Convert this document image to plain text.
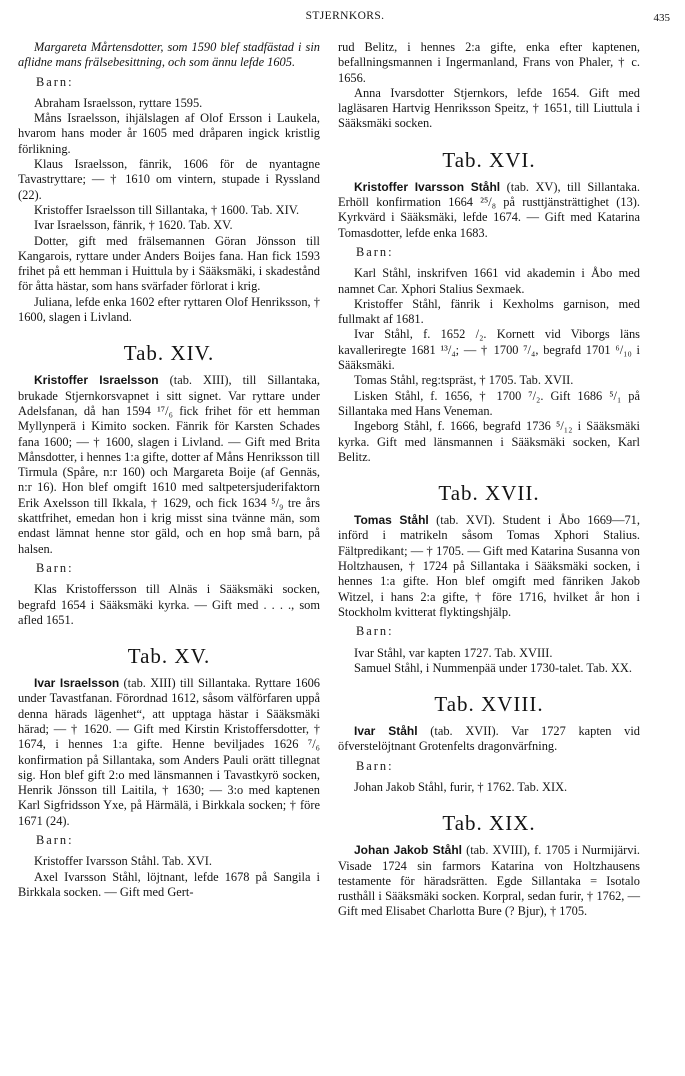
STJERNKORS.	435

Margareta Mårtensdotter, som 1590 blef stadfästad i sin aflidne mans frälsebesittning, och som ännu lefde 1605.

Barn:

Abraham Israelsson, ryttare 1595.

Måns Israelsson, ihjälslagen af Olof Ersson i Laukela, hvarom hans moder år 1605 med dråparen ingick kristlig förlikning.

Klaus Israelsson, fänrik, 1606 för de nyantagne Tavastryttare; — † 1610 om vintern, stupade i Ryssland (22).

Kristoffer Israelsson till Sillantaka, † 1600. Tab. XIV.

Ivar Israelsson, fänrik, † 1620. Tab. XV.

Dotter, gift med frälsemannen Göran Jönsson till Kangarois, ryttare under Anders Boijes fana. Han fick 1593 frihet på ett hemman i Huittula by i Sääksmäki, i skadestånd för åtta hästar, som hans svärfader förlorat i krig.

Juliana, lefde enka 1602 efter ryttaren Olof Henriksson, † 1600, slagen i Livland.

Tab. XIV.

Kristoffer Israelsson (tab. XIII), till Sillantaka, brukade Stjernkorsvapnet i sitt signet. Var ryttare under Adelsfanan, då han 1594 ¹⁷/₆ fick frihet för ett hemman Myllynperä i Kimito socken. Fänrik för Karsten Schades fana 1600; — † 1600, slagen i Livland. — Gift med Brita Månsdotter, i hennes 1:a gifte, dotter af Måns Henriksson till Tirmula (Spåre, n:r 160) och Margareta Boije (af Gennäs, n:r 16). Hon blef omgift 1610 med saltpetersjuderifaktorn Erik Axelsson till Ikkala, † 1629, och fick 1634 ⁵/₉ tre års skattfrihet, emedan hon i krig misst sina tvänne män, som endast lämnat henne stor gäld, och en hop små barn, på halsen.

Barn:

Klas Kristoffersson till Alnäs i Sääksmäki socken, begrafd 1654 i Sääksmäki kyrka. — Gift med . . . ., som afled 1651.

Tab. XV.

Ivar Israelsson (tab. XIII) till Sillantaka. Ryttare 1606 under Tavastfanan. Förordnad 1612, såsom välförfaren uppå denna härads lägenhet“, att upptaga hästar i Sääksmäki härad; — † 1620. — Gift med Kirstin Kristoffersdotter, † 1674, i hennes 1:a gifte. Henne beviljades 1626 ⁷/₆ konfirmation på Sillantaka, som Anders Pauli orätt tillegnat sig. Hon blef gift 2:o med länsmannen i Tavastkyrö socken, Henrik Jönsson till Laitila, † 1630; — 3:o med kaptenen Karl Sigfridsson Yxe, på Härmälä, i Birkkala socken; † före 1671 (24).

Barn:

Kristoffer Ivarsson Ståhl. Tab. XVI.

Axel Ivarsson Ståhl, löjtnant, lefde 1678 på Sangila i Birkkala socken. — Gift med Gert-

rud Belitz, i hennes 2:a gifte, enka efter kaptenen, befallningsmannen i Ingermanland, Frans von Phaler, † c. 1656.

Anna Ivarsdotter Stjernkors, lefde 1654. Gift med lagläsaren Hartvig Henriksson Speitz, † 1651, till Liuttula i Sääksmäki socken.

Tab. XVI.

Kristoffer Ivarsson Ståhl (tab. XV), till Sillantaka. Erhöll konfirmation 1664 ²⁵/₈ på rusttjänsträttighet (13). Kyrkvärd i Sääksmäki, lefde 1674. — Gift med Katarina Tomasdotter, lefde enka 1683.

Barn:

Karl Ståhl, inskrifven 1661 vid akademin i Åbo med namnet Car. Xphori Stalius Sexmaek.

Kristoffer Ståhl, fänrik i Kexholms garnison, med fullmakt af 1681.

Ivar Ståhl, f. 1652 /₂. Kornett vid Viborgs läns kavalleriregte 1681 ¹³/₄; — † 1700 ⁷/₄, begrafd 1701 ⁶/₁₀ i Sääksmäki.

Tomas Ståhl, reg:tspräst, † 1705. Tab. XVII.

Lisken Ståhl, f. 1656, † 1700 ⁷/₂. Gift 1686 ⁵/₁ på Sillantaka med Hans Veneman.

Ingeborg Ståhl, f. 1666, begrafd 1736 ⁵/₁₂ i Sääksmäki kyrka. Gift med länsmannen i Sääksmäki socken, Karl Belitz.

Tab. XVII.

Tomas Ståhl (tab. XVI). Student i Åbo 1669—71, införd i matrikeln såsom Tomas Xphori Stalius. Fältpredikant; — † 1705. — Gift med Katarina Susanna von Holtzhausen, † 1724 på Sillantaka i Sääksmäki socken, i hennes 1:a gifte. Hon blef omgift med fänriken Jakob Witzel, i hans 2:a gifte, † före 1716, hvilket år hon i Stockholm kvitterat flyktingshjälp.

Barn:

Ivar Ståhl, var kapten 1727. Tab. XVIII.

Samuel Ståhl, i Nummenpää under 1730-talet. Tab. XX.

Tab. XVIII.

Ivar Ståhl (tab. XVII). Var 1727 kapten vid öfverstelöjtnant Grotenfelts dragonvärfning.

Barn:

Johan Jakob Ståhl, furir, † 1762. Tab. XIX.

Tab. XIX.

Johan Jakob Ståhl (tab. XVIII), f. 1705 i Nurmijärvi. Visade 1724 sin farmors Katarina von Holtzhausens testamente för häradsrätten. Egde Sillantaka = Isotalo rusthåll i Sääksmäki socken. Korpral, sedan furir, † 1762, — Gift med Elisabet Charlotta Bure (? Bjur), † 1705.
